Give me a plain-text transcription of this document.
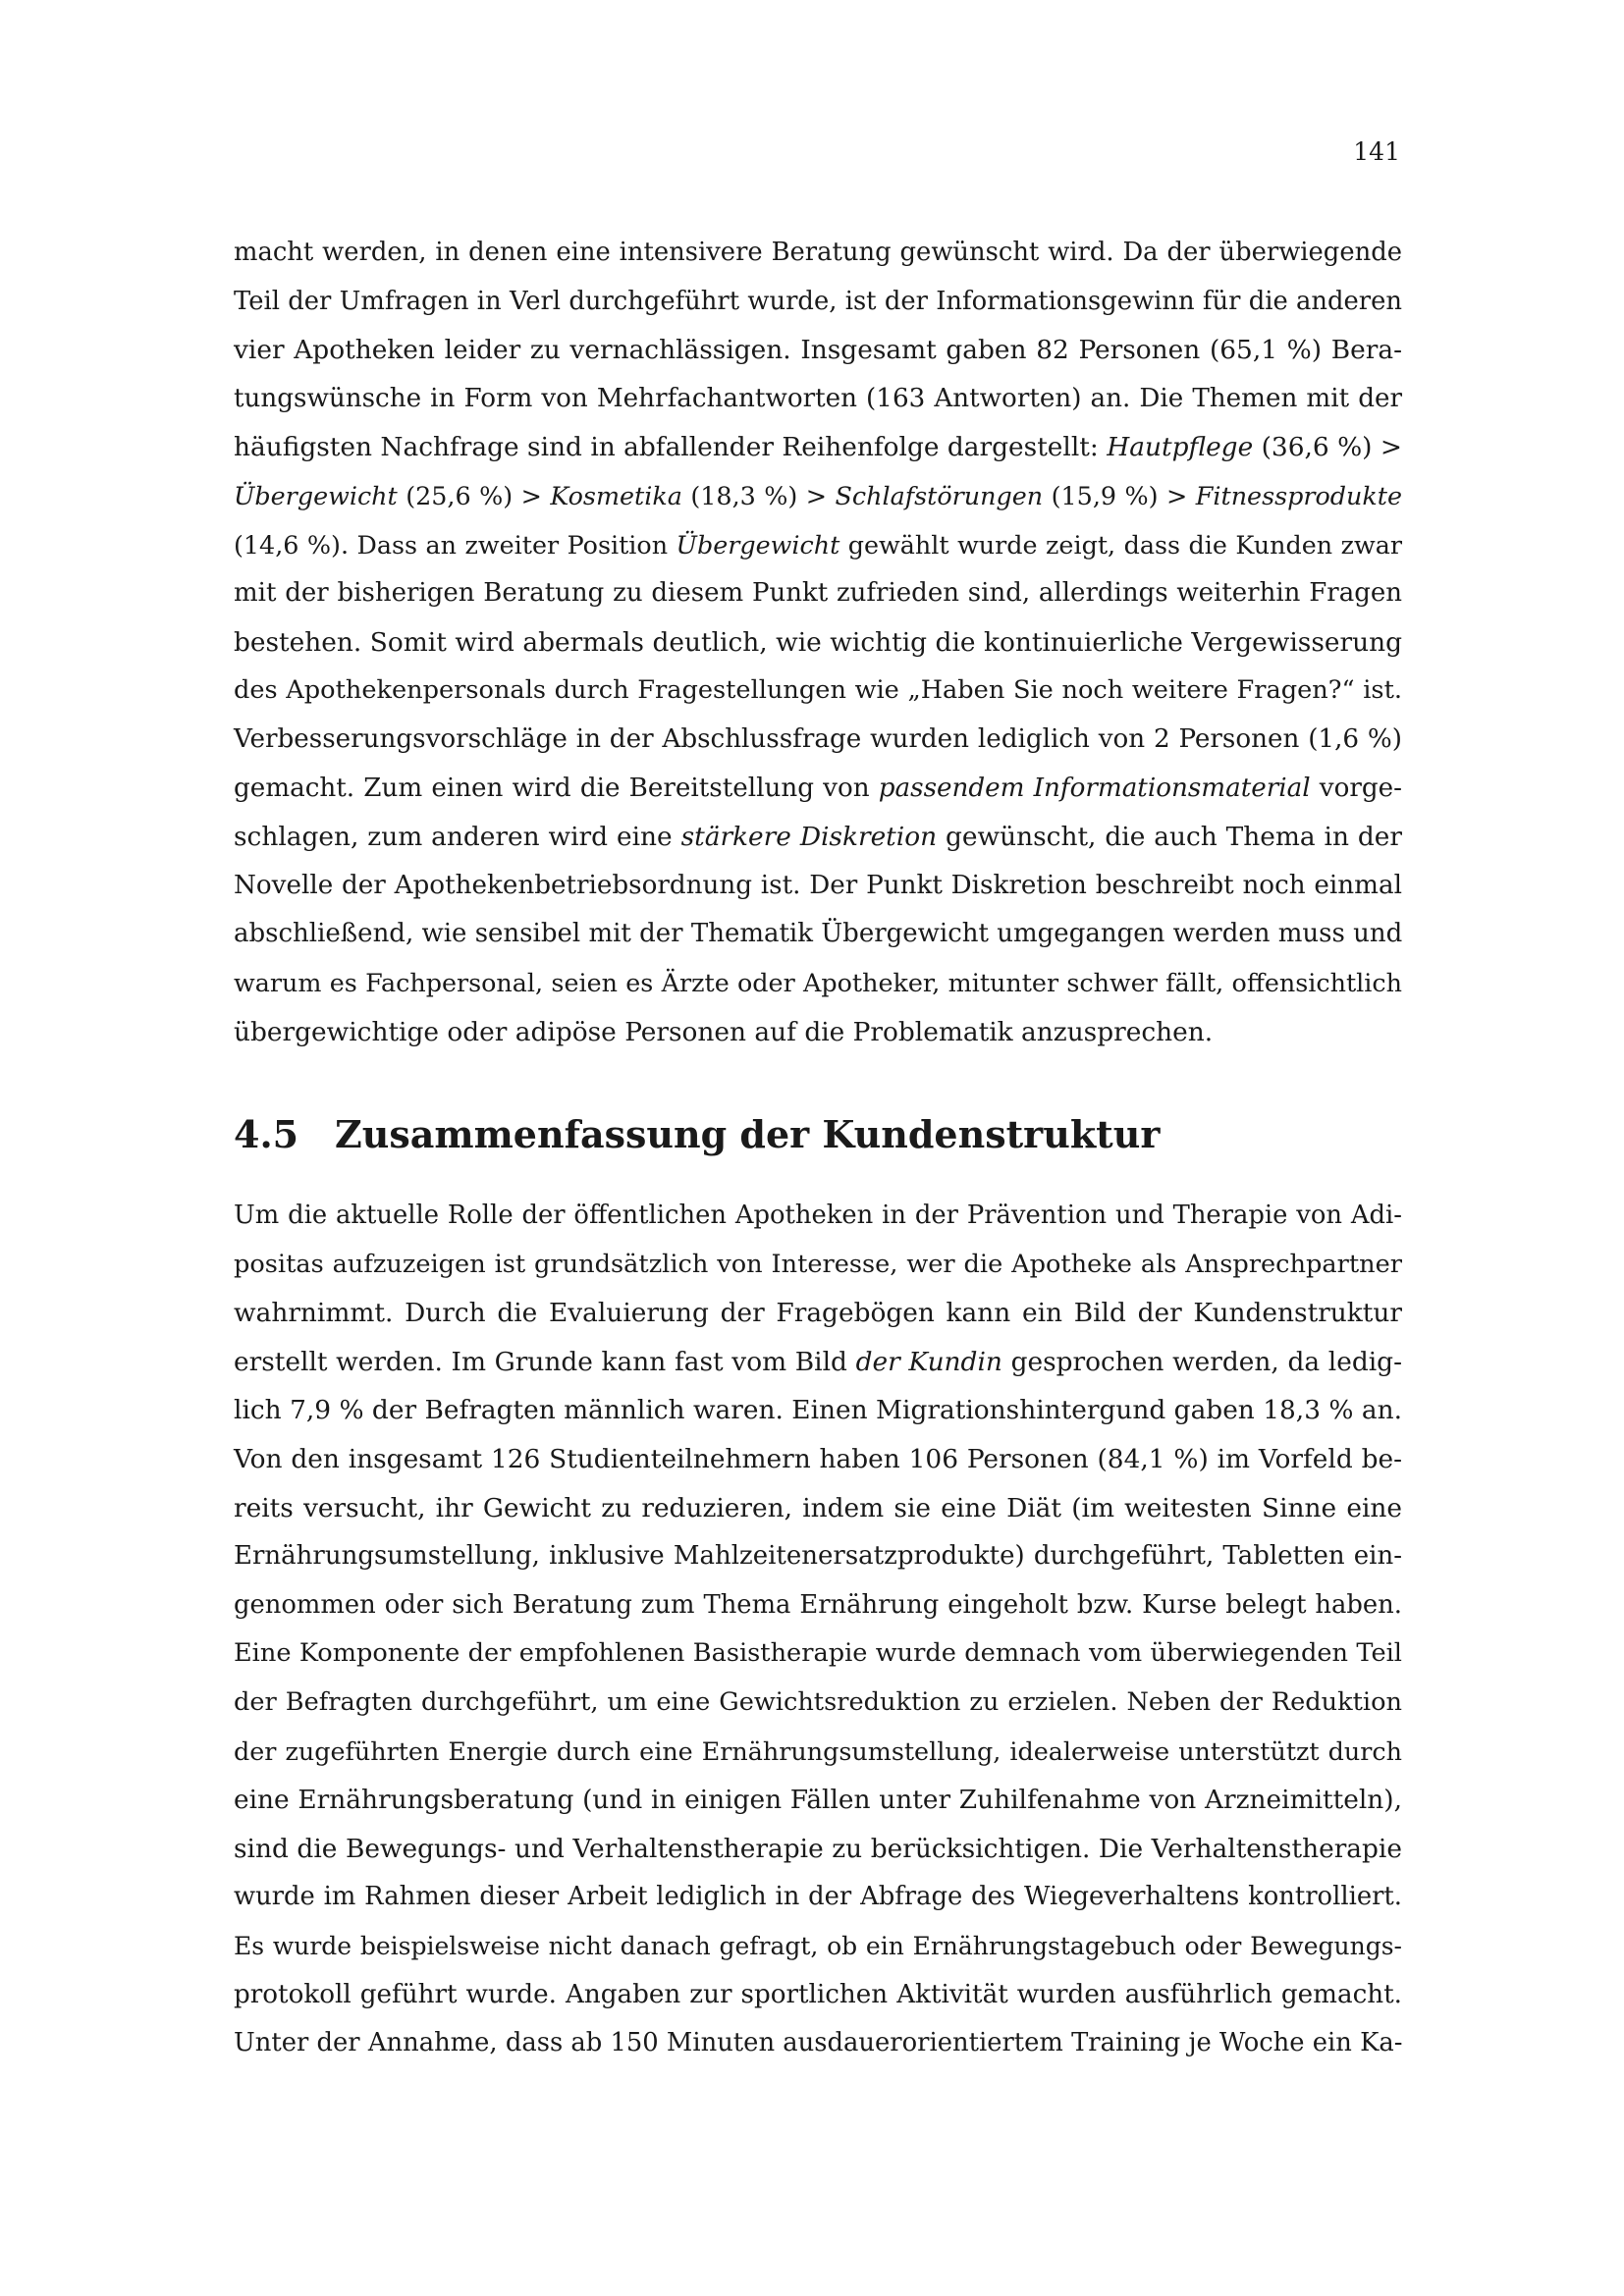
141
macht werden, in denen eine intensivere Beratung gewünscht wird. Da der überwiegende
Teil der Umfragen in Verl durchgeführt wurde, ist der Informationsgewinn für die anderen
vier Apotheken leider zu vernachlässigen. Insgesamt gaben 82 Personen (65,1 %) Bera-
tungswünsche in Form von Mehrfachantworten (163 Antworten) an. Die Themen mit der
häufigsten Nachfrage sind in abfallender Reihenfolge dargestellt: Hautpflege (36,6 %) >
Übergewicht (25,6 %) > Kosmetika (18,3 %) > Schlafstörungen (15,9 %) > Fitnessprodukte
(14,6 %). Dass an zweiter Position Übergewicht gewählt wurde zeigt, dass die Kunden zwar
mit der bisherigen Beratung zu diesem Punkt zufrieden sind, allerdings weiterhin Fragen
bestehen. Somit wird abermals deutlich, wie wichtig die kontinuierliche Vergewisserung
des Apothekenpersonals durch Fragestellungen wie „Haben Sie noch weitere Fragen?“ ist.
Verbesserungsvorschläge in der Abschlussfrage wurden lediglich von 2 Personen (1,6 %)
gemacht. Zum einen wird die Bereitstellung von passendem Informationsmaterial vorge-
schlagen, zum anderen wird eine stärkere Diskretion gewünscht, die auch Thema in der
Novelle der Apothekenbetriebsordnung ist. Der Punkt Diskretion beschreibt noch einmal
abschließend, wie sensibel mit der Thematik Übergewicht umgegangen werden muss und
warum es Fachpersonal, seien es Ärzte oder Apotheker, mitunter schwer fällt, offensichtlich
übergewichtige oder adipöse Personen auf die Problematik anzusprechen.
4.5 Zusammenfassung der Kundenstruktur
Um die aktuelle Rolle der öffentlichen Apotheken in der Prävention und Therapie von Adi-
positas aufzuzeigen ist grundsätzlich von Interesse, wer die Apotheke als Ansprechpartner
wahrnimmt. Durch die Evaluierung der Fragebögen kann ein Bild der Kundenstruktur
erstellt werden. Im Grunde kann fast vom Bild der Kundin gesprochen werden, da ledig-
lich 7,9 % der Befragten männlich waren. Einen Migrationshintergund gaben 18,3 % an.
Von den insgesamt 126 Studienteilnehmern haben 106 Personen (84,1 %) im Vorfeld be-
reits versucht, ihr Gewicht zu reduzieren, indem sie eine Diät (im weitesten Sinne eine
Ernährungsumstellung, inklusive Mahlzeitenersatzprodukte) durchgeführt, Tabletten ein-
genommen oder sich Beratung zum Thema Ernährung eingeholt bzw. Kurse belegt haben.
Eine Komponente der empfohlenen Basistherapie wurde demnach vom überwiegenden Teil
der Befragten durchgeführt, um eine Gewichtsreduktion zu erzielen. Neben der Reduktion
der zugeführten Energie durch eine Ernährungsumstellung, idealerweise unterstützt durch
eine Ernährungsberatung (und in einigen Fällen unter Zuhilfenahme von Arzneimitteln),
sind die Bewegungs- und Verhaltenstherapie zu berücksichtigen. Die Verhaltenstherapie
wurde im Rahmen dieser Arbeit lediglich in der Abfrage des Wiegeverhaltens kontrolliert.
Es wurde beispielsweise nicht danach gefragt, ob ein Ernährungstagebuch oder Bewegungs-
protokoll geführt wurde. Angaben zur sportlichen Aktivität wurden ausführlich gemacht.
Unter der Annahme, dass ab 150 Minuten ausdauerorientiertem Training je Woche ein Ka-
